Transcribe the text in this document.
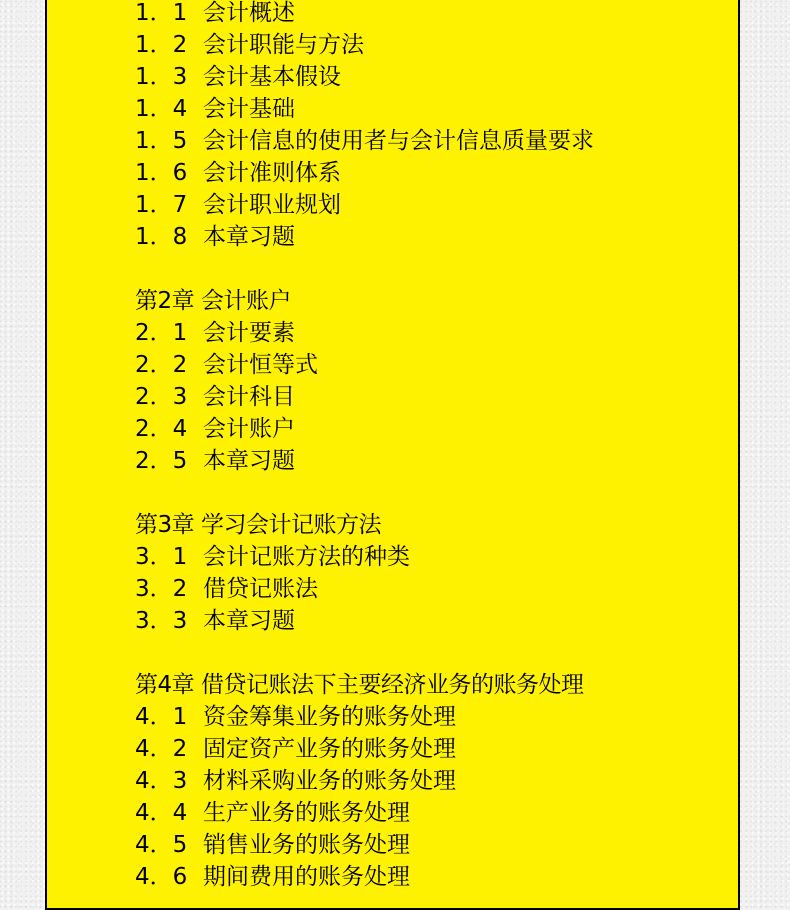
1．1 会计概述
1．2 会计职能与方法
1．3 会计基本假设
1．4 会计基础
1．5 会计信息的使用者与会计信息质量要求
1．6 会计准则体系
1．7 会计职业规划
1．8 本章习题
第2章 会计账户
2．1 会计要素
2．2 会计恒等式
2．3 会计科目
2．4 会计账户
2．5 本章习题
第3章 学习会计记账方法
3．1 会计记账方法的种类
3．2 借贷记账法
3．3 本章习题
第4章 借贷记账法下主要经济业务的账务处理
4．1 资金筹集业务的账务处理
4．2 固定资产业务的账务处理
4．3 材料采购业务的账务处理
4．4 生产业务的账务处理
4．5 销售业务的账务处理
4．6 期间费用的账务处理
